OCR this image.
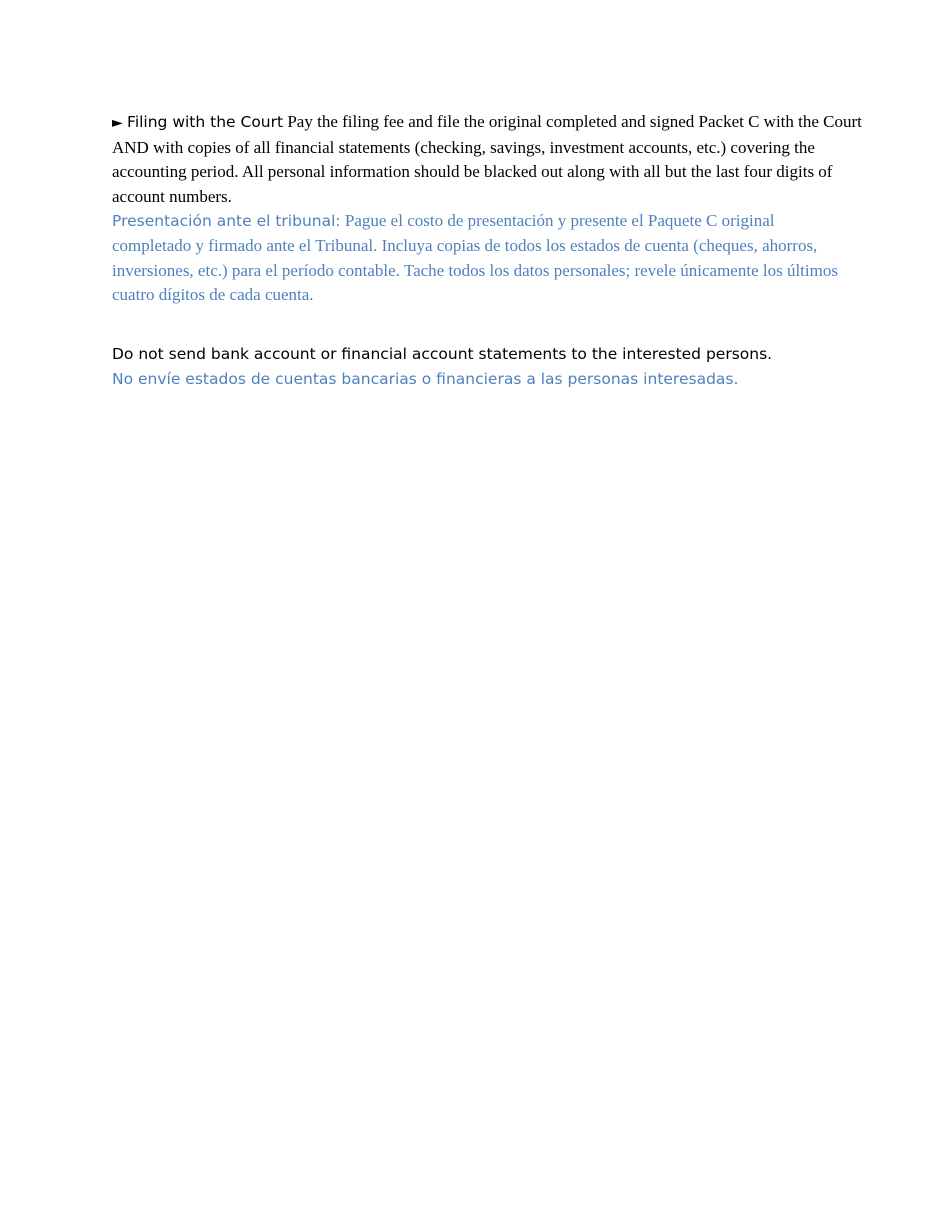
► Filing with the Court Pay the filing fee and file the original completed and signed Packet C with the Court AND with copies of all financial statements (checking, savings, investment accounts, etc.) covering the accounting period. All personal information should be blacked out along with all but the last four digits of account numbers.

Presentación ante el tribunal: Pague el costo de presentación y presente el Paquete C original completado y firmado ante el Tribunal. Incluya copias de todos los estados de cuenta (cheques, ahorros, inversiones, etc.) para el período contable. Tache todos los datos personales; revele únicamente los últimos cuatro dígitos de cada cuenta.

Do not send bank account or financial account statements to the interested persons.

No envíe estados de cuentas bancarias o financieras a las personas interesadas.
